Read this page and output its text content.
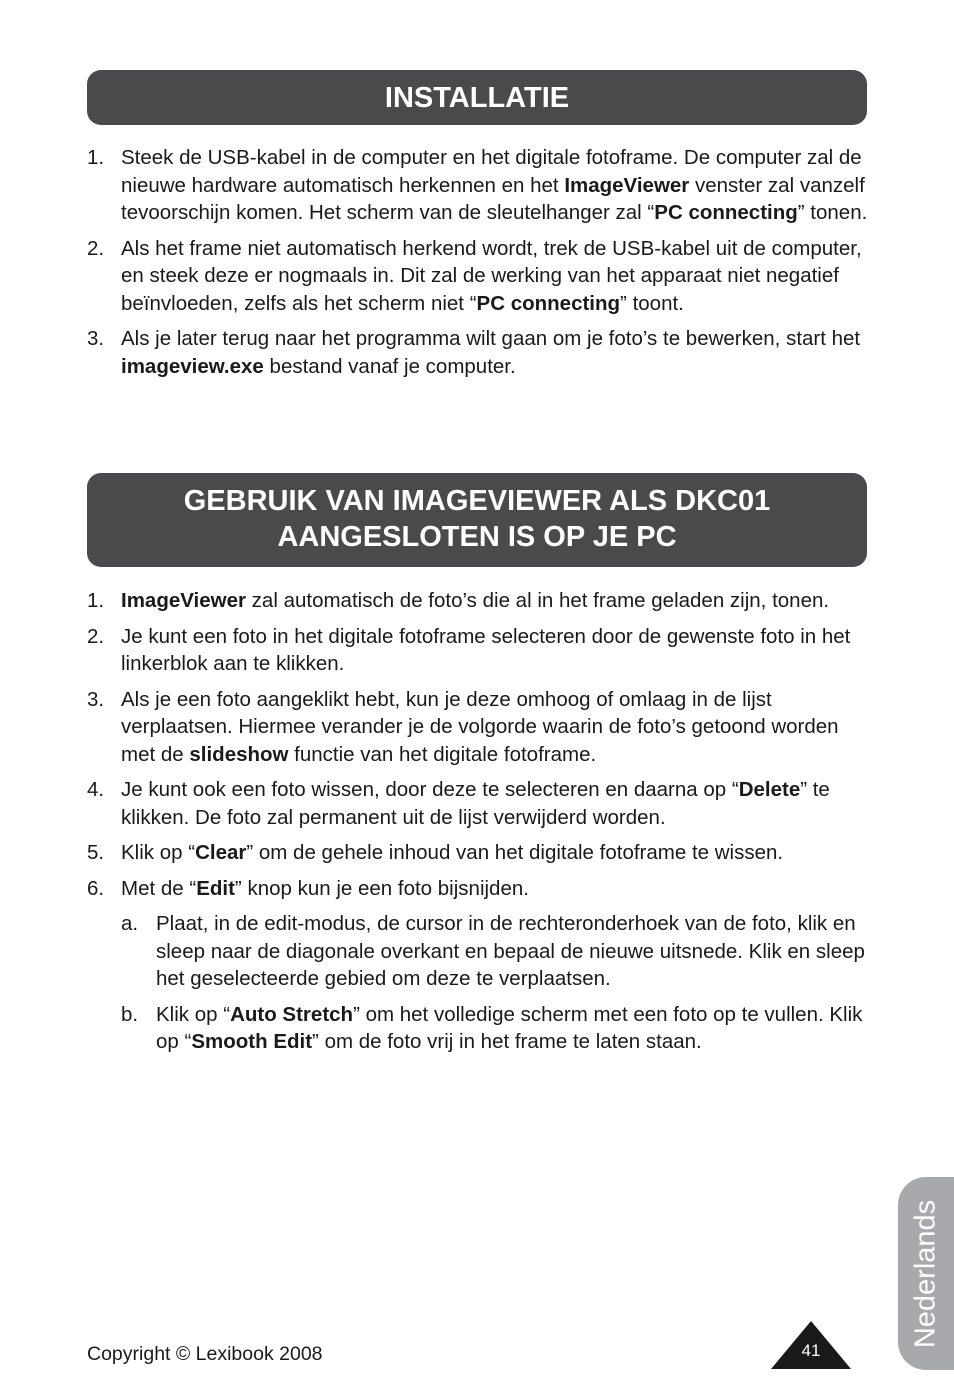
INSTALLATIE
1. Steek de USB-kabel in de computer en het digitale fotoframe. De computer zal de nieuwe hardware automatisch herkennen en het ImageViewer venster zal vanzelf tevoorschijn komen. Het scherm van de sleutelhanger zal “PC connecting” tonen.
2. Als het frame niet automatisch herkend wordt, trek de USB-kabel uit de computer, en steek deze er nogmaals in. Dit zal de werking van het apparaat niet negatief beïnvloeden, zelfs als het scherm niet “PC connecting” toont.
3. Als je later terug naar het programma wilt gaan om je foto’s te bewerken, start het imageview.exe bestand vanaf je computer.
GEBRUIK VAN IMAGEVIEWER ALS DKC01
AANGESLOTEN IS OP JE PC
1. ImageViewer zal automatisch de foto’s die al in het frame geladen zijn, tonen.
2. Je kunt een foto in het digitale fotoframe selecteren door de gewenste foto in het linkerblok aan te klikken.
3. Als je een foto aangeklikt hebt, kun je deze omhoog of omlaag in de lijst verplaatsen. Hiermee verander je de volgorde waarin de foto’s getoond worden met de slideshow functie van het digitale fotoframe.
4. Je kunt ook een foto wissen, door deze te selecteren en daarna op “Delete” te klikken. De foto zal permanent uit de lijst verwijderd worden.
5. Klik op “Clear” om de gehele inhoud van het digitale fotoframe te wissen.
6. Met de “Edit” knop kun je een foto bijsnijden.
a. Plaat, in de edit-modus, de cursor in de rechteronderhoek van de foto, klik en sleep naar de diagonale overkant en bepaal de nieuwe uitsnede. Klik en sleep het geselecteerde gebied om deze te verplaatsen.
b. Klik op “Auto Stretch” om het volledige scherm met een foto op te vullen. Klik op “Smooth Edit” om de foto vrij in het frame te laten staan.
Copyright © Lexibook 2008	41
Nederlands
